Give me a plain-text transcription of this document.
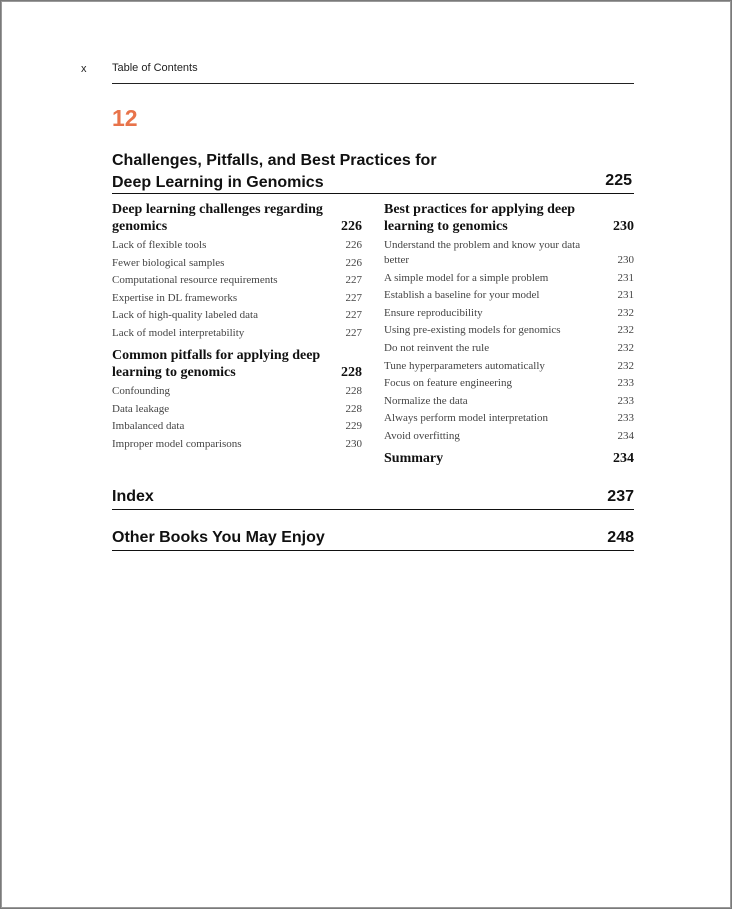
x Table of Contents
12
Challenges, Pitfalls, and Best Practices for
Deep Learning in Genomics	225
Deep learning challenges regarding genomics	226
Lack of flexible tools	226
Fewer biological samples	226
Computational resource requirements	227
Expertise in DL frameworks	227
Lack of high-quality labeled data	227
Lack of model interpretability	227
Common pitfalls for applying deep learning to genomics	228
Confounding	228
Data leakage	228
Imbalanced data	229
Improper model comparisons	230
Best practices for applying deep learning to genomics	230
Understand the problem and know your data better	230
A simple model for a simple problem	231
Establish a baseline for your model	231
Ensure reproducibility	232
Using pre-existing models for genomics	232
Do not reinvent the rule	232
Tune hyperparameters automatically	232
Focus on feature engineering	233
Normalize the data	233
Always perform model interpretation	233
Avoid overfitting	234
Summary	234
Index	237
Other Books You May Enjoy	248
